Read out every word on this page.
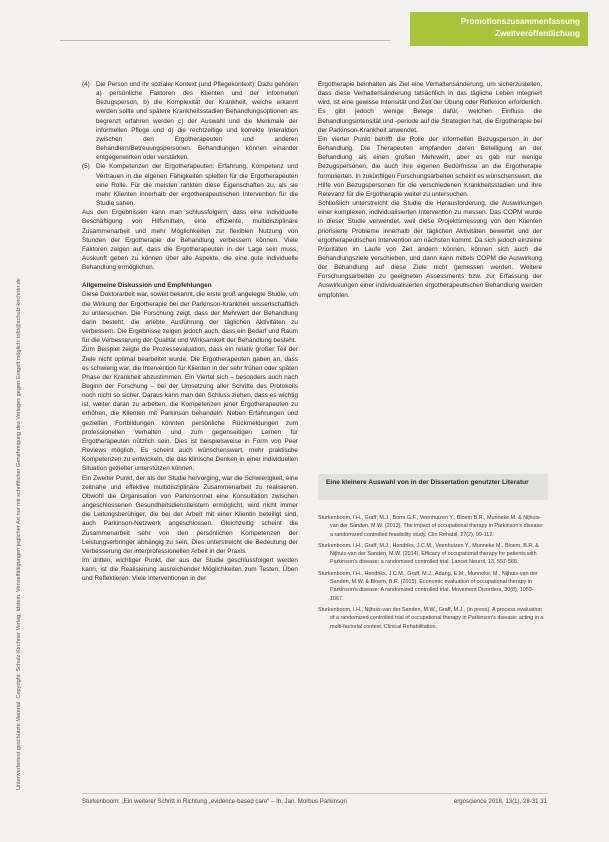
Unterwerfertest geschützte Material: Copyright: Schulz-Kirchner Verlag, Idstein. Vervielfältigungen jeglicher Art nur mit schriftlicher Genehmigung des Verlages gegen Entgelt möglich: info@schulz-kirchner.de
Promotionszusammenfassung
Zweitveröffentlichung
(4) Die Person und ihr sozialer Kontext (und Pflegekontext): Dazu gehören a) persönliche Faktoren des Klienten und der informellen Bezugsperson, b) die Komplexität der Krankheit, welche erkannt werden sollte und spätere Krankheitsstadien Behandlungsoptionen als begrenzt erfahren werden c) der Auswahl und die Merkmale der informellen Pflege und d) die rechtzeitige und korrekte Interaktion zwischen den Ergotherapeuten und anderen Behandlern/Betreuungspersonen. Behandlungen können einander entgegenwirken oder verstärken.
(5) Die Kompetenzen der Ergotherapeuten: Erfahrung, Kompetenz und Vertrauen in die eigenen Fähigkeiten spielten für die Ergotherapeuten eine Rolle. Für die meisten rankten diese Eigenschaften zu, als sie mehr Klienten innerhalb der ergotherapeutischen Intervention für die Studie sahen.

Aus den Ergebnissen kann man schlussfolgern, dass eine individuelle Beschäftigung von Hilfsmitteln, eine effiziente, multidisziplinäre Zusammenarbeit und mehr Möglichkeiten zur flexiblen Nutzung von Stunden der Ergotherapie die Behandlung verbessern können. Viele Faktoren zeigen auf, dass die Ergotherapeuten in der Lage sein muss, Auskunft geben zu können über alle Aspekte, die eine gute individuelle Behandlung ermöglichen.

Allgemeine Diskussion und Empfehlungen

Diese Doktorarbeit war, soweit bekannt, die erste groß angelegte Studie, um die Wirkung der Ergotherapie bei der Parkinson-Krankheit wissenschaftlich zu untersuchen. Die Forschung zeigt, dass der Mehrwert der Behandlung darin besteht, die erlebte Ausführung der täglichen Aktivitäten zu verbessern. Die Ergebnisse zeigen jedoch auch, dass ein Bedarf und Raum für die Verbesserung der Qualität und Wirksamkeit der Behandlung besteht.

Zum Beispiel zeigte die Prozessevaluation, dass ein relativ großer Teil der Ziele nicht optimal bearbeitet wurde. Die Ergotherapeuten gaben an, dass es schwierig war, die Intervention für Klienten in der sehr frühen oder späten Phase der Krankheit abzustimmen. Ein Viertel sich – besonders auch nach Beginn der Forschung – bei der Umsetzung aller Schritte des Protokolls noch nicht so sicher. Daraus kann man den Schluss ziehen, dass es wichtig ist, weiter daran zu arbeiten, die Kompetenzen jener Ergotherapeuten zu erhöhen, die Klienten mit Parkinson behandeln. Neben Erfahrungen und gezielten Fortbildungen könnten persönliche Rückmeldungen zum professionellen Verhalten und zum gegenseitigen Lernen für Ergotherapeuten nützlich sein. Dies ist beispielsweise in Form von Peer Reviews möglich. Es scheint auch wünschenswert, mehr praktische Kompetenzen zu entwickeln, die das klinische Denken in einer individuellen Situation gezielter unterstützen können.

Ein Zweiter Punkt, der als der Studie hervorging, war die Schwierigkeit, eine zeitnahe und effektive multidisziplinäre Zusammenarbeit zu realisieren. Obwohl die Organisation von Parkinsonnet eine Konsultation zwischen angeschlossenen Gesundheitsdienstleistern ermöglicht, wird nicht immer die Leitungsberühiger, die bei der Arbeit mit einer Klientin beteiligt sind, auch Parkinson-Netzwerk angeschlossen. Gleichzeitig scheint die Zusammenarbeit sehr von den persönlichen Kompetenzen der Leistungserbringer abhängig zu sein. Dies unterstreicht die Bedeutung der Verbesserung der interprofessionellen Arbeit in der Praxis.

Im dritten, wichtiger Punkt, der aus der Studie geschlussfolgert werden kann, ist die Realisierung ausreichender Möglichkeiten zum Testen, Üben und Reflektieren. Viele Interventionen in der

Ergotherapie beinhalten als Ziel eine Verhaltensänderung, um sicherzustellen, dass diese Verhaltensänderung tatsächlich in das tägliche Leben integriert wird, ist eine gewisse Intensität und Zeit der Übung oder Reflexion erforderlich. Es gibt jedoch wenige Belege dafür, welchen Einfluss die Behandlungsintensität und -periode auf die Strategien hat, die Ergotherapie bei der Parkinson-Krankheit anwendet.

Ein vierter Punkt betrifft die Rolle der informellen Bezugsperson in der Behandlung. Die Therapeuten empfanden deren Beteiligung an der Behandlung als einen großen Mehrwert, aber es gab nur wenige Bezugspersonen, die auch ihre eigenen Bedürfnisse an die Ergotherapie formulierten. In zukünftigen Forschungsarbeiten scheint es wünschenswert, die Hilfe von Bezugspersonen für die verschiedenen Krankheitsstadien und ihre Relevanz für die Ergotherapie weiter zu untersuchen.

Schließlich unterstreicht die Studie die Herausforderung, die Auswirkungen einer komplexen, individualisierten Intervention zu messen. Das COPM wurde in dieser Studie verwendet, weil diese Projektsmessung von den Klienten priorisierte Probleme innerhalb der täglichen Aktivitäten bewertet und der ergotherapeutischen Intervention am nächsten kommt. Da sich jedoch einzelne Prioritäten im Laufe von Zeit ändern können, können sich auch die Behandlungsziele verschieben, und dann kann mittels COPM die Auswirkung der Behandlung auf diese Ziele nicht gemessen werden. Weitere Forschungsarbeiten zu geeigneten Assessments bzw. zur Erfassung der Auswirkungen einer individualisierten ergotherapeutischen Behandlung werden empfohlen.

Eine kleinere Auswahl von in der Dissertation genutzter Literatur

Sturkenboom, I.H., Graff, M.J., Borm G.F., Veenhuizen Y., Bloem B.R., Munneke M. & Nijhuis-van der Sanden, M.W. (2013). The impact of occupational therapy in Parkinson's disease: a randomized controlled feasibility study. Clin Rehabil, 27(2), 99-112.

Sturkenboom, I.H., Graff, M.J., Hendriks, J.C.M., Veenhuizen Y., Munneke M., Bloem, B.R. & Nijhuis-van der Sanden, M.W. (2014). Efficacy of occupational therapy for patients with Parkinson's disease: a randomised controlled trial. Lancet Neurol, 13, 557-566.

Sturkenboom, I.H., Hendriks, J.C.M., Graff, M.J., Adang, E.M., Munneke, M., Nijhuis-van der Sanden, M.W. & Bloem, B.R. (2015). Economic evaluation of occupational therapy in Parkinson's disease: A randomized controlled trial. Movement Disorders, 30(8), 1059-1067.

Sturkenboom, I.H., Nijhuis-van der Sanden, M.W., Graff, M.J., (in press). A process evaluation of a randomized controlled trial of occupational therapy in Parkinson's disease: acting in a multi-factorial context. Clinical Rehabilitation.

Sturkenboom: „Ein weiterer Schritt in Richtung „evidence-based care“ – Ih. Jan. Morbus Parkinson	ergoscience 2018, 13(1), 28-31 31
